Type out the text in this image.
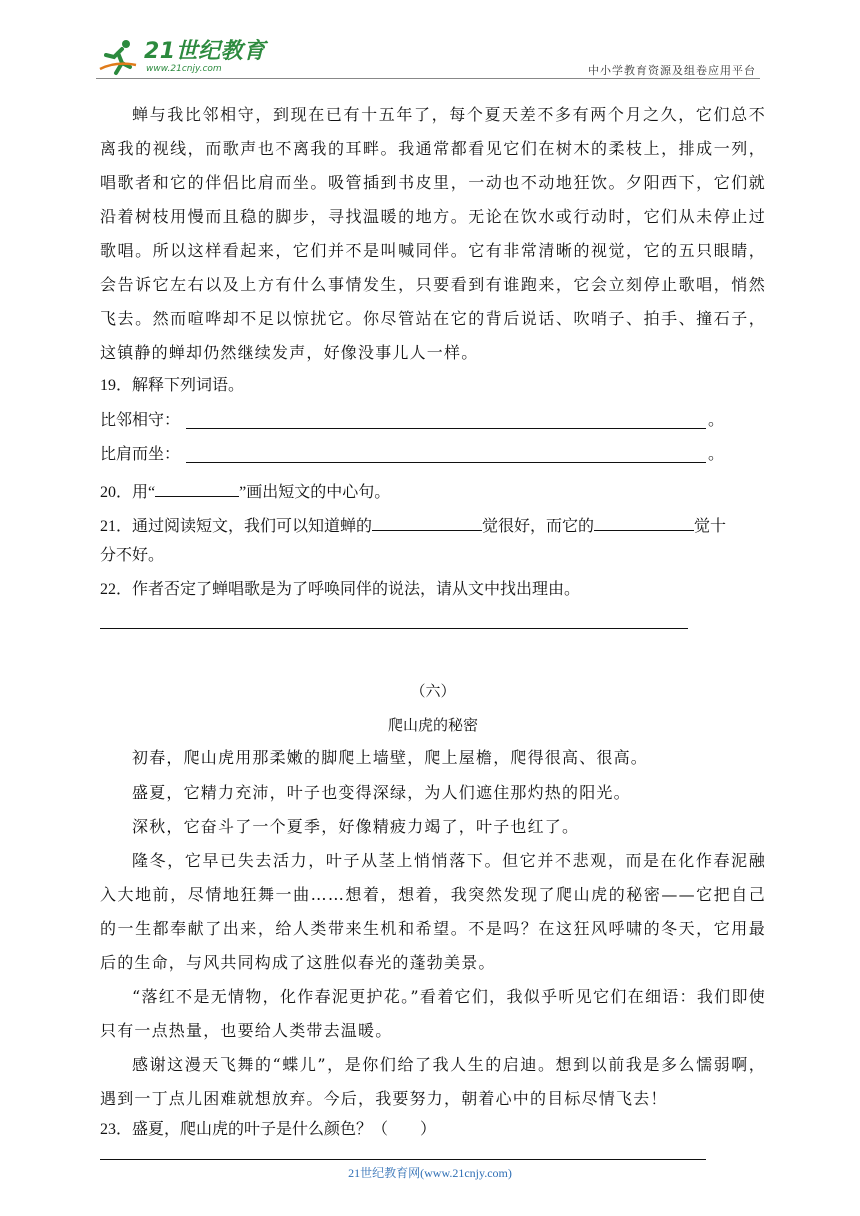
21世纪教育
www.21cnjy.com	中小学教育资源及组卷应用平台
蝉与我比邻相守，到现在已有十五年了，每个夏天差不多有两个月之久，它们总不离我的视线，而歌声也不离我的耳畔。我通常都看见它们在树木的柔枝上，排成一列，唱歌者和它的伴侣比肩而坐。吸管插到书皮里，一动也不动地狂饮。夕阳西下，它们就沿着树枝用慢而且稳的脚步，寻找温暖的地方。无论在饮水或行动时，它们从未停止过歌唱。所以这样看起来，它们并不是叫喊同伴。它有非常清晰的视觉，它的五只眼睛，会告诉它左右以及上方有什么事情发生，只要看到有谁跑来，它会立刻停止歌唱，悄然飞去。然而喧哗却不足以惊扰它。你尽管站在它的背后说话、吹哨子、拍手、撞石子，这镇静的蝉却仍然继续发声，好像没事儿人一样。
19．解释下列词语。
比邻相守：	。
比肩而坐：	。
20．用“	”画出短文的中心句。
21．通过阅读短文，我们可以知道蝉的	觉很好，而它的	觉十
分不好。
22．作者否定了蝉唱歌是为了呼唤同伴的说法，请从文中找出理由。
（六）
爬山虎的秘密
初春，爬山虎用那柔嫩的脚爬上墙壁，爬上屋檐，爬得很高、很高。
盛夏，它精力充沛，叶子也变得深绿，为人们遮住那灼热的阳光。
深秋，它奋斗了一个夏季，好像精疲力竭了，叶子也红了。
隆冬，它早已失去活力，叶子从茎上悄悄落下。但它并不悲观，而是在化作春泥融入大地前，尽情地狂舞一曲……想着，想着，我突然发现了爬山虎的秘密——它把自己的一生都奉献了出来，给人类带来生机和希望。不是吗？在这狂风呼啸的冬天，它用最后的生命，与风共同构成了这胜似春光的蓬勃美景。
“落红不是无情物，化作春泥更护花。”看着它们，我似乎听见它们在细语：我们即使只有一点热量，也要给人类带去温暖。
感谢这漫天飞舞的“蝶儿”，是你们给了我人生的启迪。想到以前我是多么懦弱啊，遇到一丁点儿困难就想放弃。今后，我要努力，朝着心中的目标尽情飞去！
23．盛夏，爬山虎的叶子是什么颜色？（　　）
21世纪教育网(www.21cnjy.com)
